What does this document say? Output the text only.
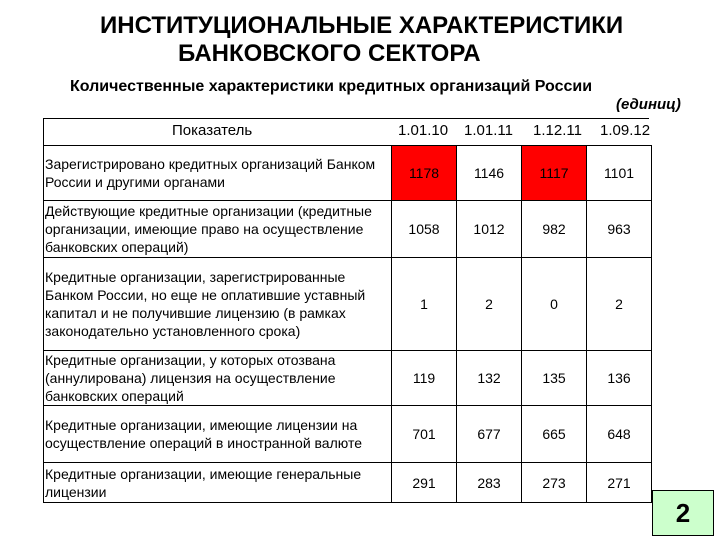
ИНСТИТУЦИОНАЛЬНЫЕ ХАРАКТЕРИСТИКИ
БАНКОВСКОГО СЕКТОРА
Количественные характеристики кредитных организаций России
(единиц)
Показатель	1.01.10 1.01.11 1.12.11 1.09.12
Зарегистрировано кредитных организаций Банком России и другими органами	1178	1146	1117	1101
Действующие кредитные организации (кредитные организации, имеющие право на осуществление банковских операций)	1058	1012	982	963
Кредитные организации, зарегистрированные Банком России, но еще не оплатившие уставный капитал и не получившие лицензию (в рамках законодательно установленного срока)	1	2	0	2
Кредитные организации, у которых отозвана (аннулирована) лицензия на осуществление банковских операций	119	132	135	136
Кредитные организации, имеющие лицензии на осуществление операций в иностранной валюте	701	677	665	648
Кредитные организации, имеющие генеральные лицензии	291	283	273	271
2
